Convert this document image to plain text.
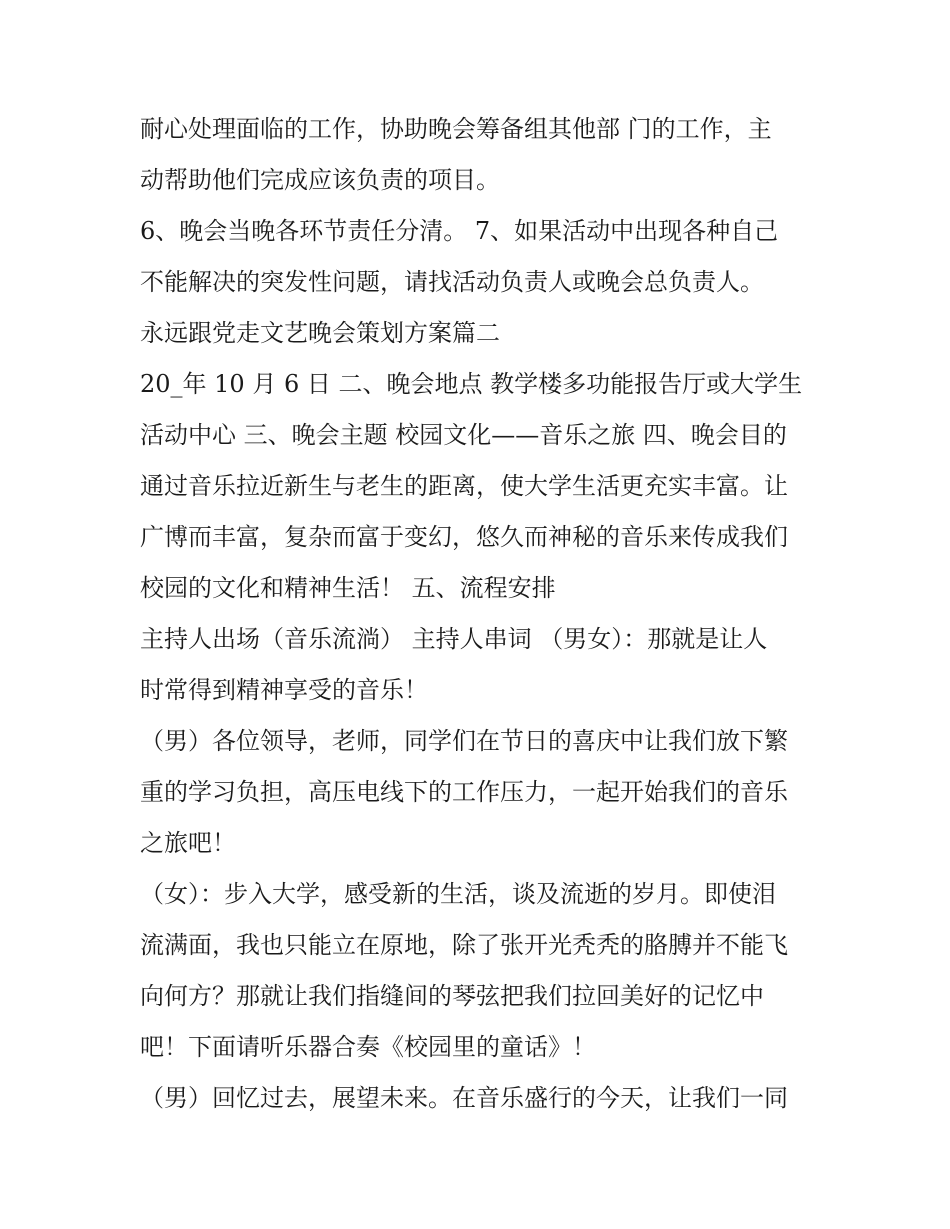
耐心处理面临的工作，协助晚会筹备组其他部 门的工作，主
动帮助他们完成应该负责的项目。
6、晚会当晚各环节责任分清。 7、如果活动中出现各种自己
不能解决的突发性问题，请找活动负责人或晚会总负责人。
永远跟党走文艺晚会策划方案篇二
20_年 10 月 6 日 二、晚会地点 教学楼多功能报告厅或大学生
活动中心 三、晚会主题 校园文化——音乐之旅 四、晚会目的
通过音乐拉近新生与老生的距离，使大学生活更充实丰富。让
广博而丰富，复杂而富于变幻，悠久而神秘的音乐来传成我们
校园的文化和精神生活！ 五、流程安排
主持人出场（音乐流淌） 主持人串词 （男女）：那就是让人
时常得到精神享受的音乐！
（男）各位领导，老师，同学们在节日的喜庆中让我们放下繁
重的学习负担，高压电线下的工作压力，一起开始我们的音乐
之旅吧！
（女）：步入大学，感受新的生活，谈及流逝的岁月。即使泪
流满面，我也只能立在原地，除了张开光秃秃的胳膊并不能飞
向何方？那就让我们指缝间的琴弦把我们拉回美好的记忆中
吧！下面请听乐器合奏《校园里的童话》！
（男）回忆过去，展望未来。在音乐盛行的今天，让我们一同
